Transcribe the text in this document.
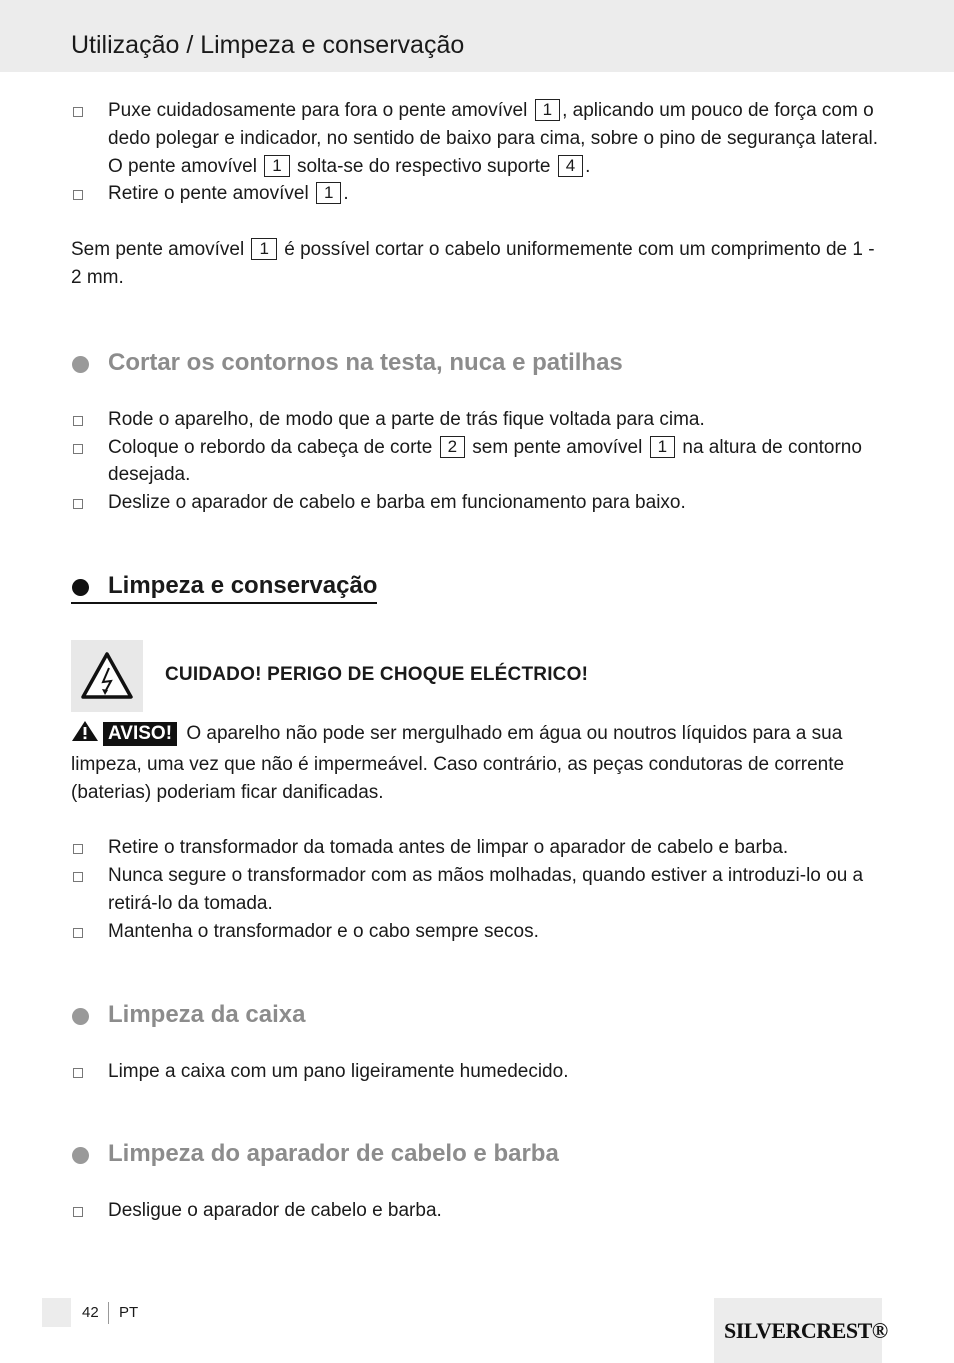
Utilização / Limpeza e conservação
Puxe cuidadosamente para fora o pente amovível 1 , aplicando um pouco de força com o dedo polegar e indicador, no sentido de baixo para cima, sobre o pino de segurança lateral. O pente amovível 1 solta-se do respectivo suporte 4 .
Retire o pente amovível 1 .

Sem pente amovível 1 é possível cortar o cabelo uniformemente com um comprimento de 1 - 2 mm.

Cortar os contornos na testa, nuca e patilhas
Rode o aparelho, de modo que a parte de trás fique voltada para cima.
Coloque o rebordo da cabeça de corte 2 sem pente amovível 1 na altura de contorno desejada.
Deslize o aparador de cabelo e barba em funcionamento para baixo.
Limpeza e conservação
CUIDADO! PERIGO DE CHOQUE ELÉCTRICO!

AVISO! O aparelho não pode ser mergulhado em água ou noutros líquidos para a sua limpeza, uma vez que não é impermeável. Caso contrário, as peças condutoras de corrente (baterias) poderiam ficar danificadas.

Retire o transformador da tomada antes de limpar o aparador de cabelo e barba.
Nunca segure o transformador com as mãos molhadas, quando estiver a introduzi-lo ou a retirá-lo da tomada.
Mantenha o transformador e o cabo sempre secos.
Limpeza da caixa
Limpe a caixa com um pano ligeiramente humedecido.
Limpeza do aparador de cabelo e barba
Desligue o aparador de cabelo e barba.
42 PT
SILVERCREST®
